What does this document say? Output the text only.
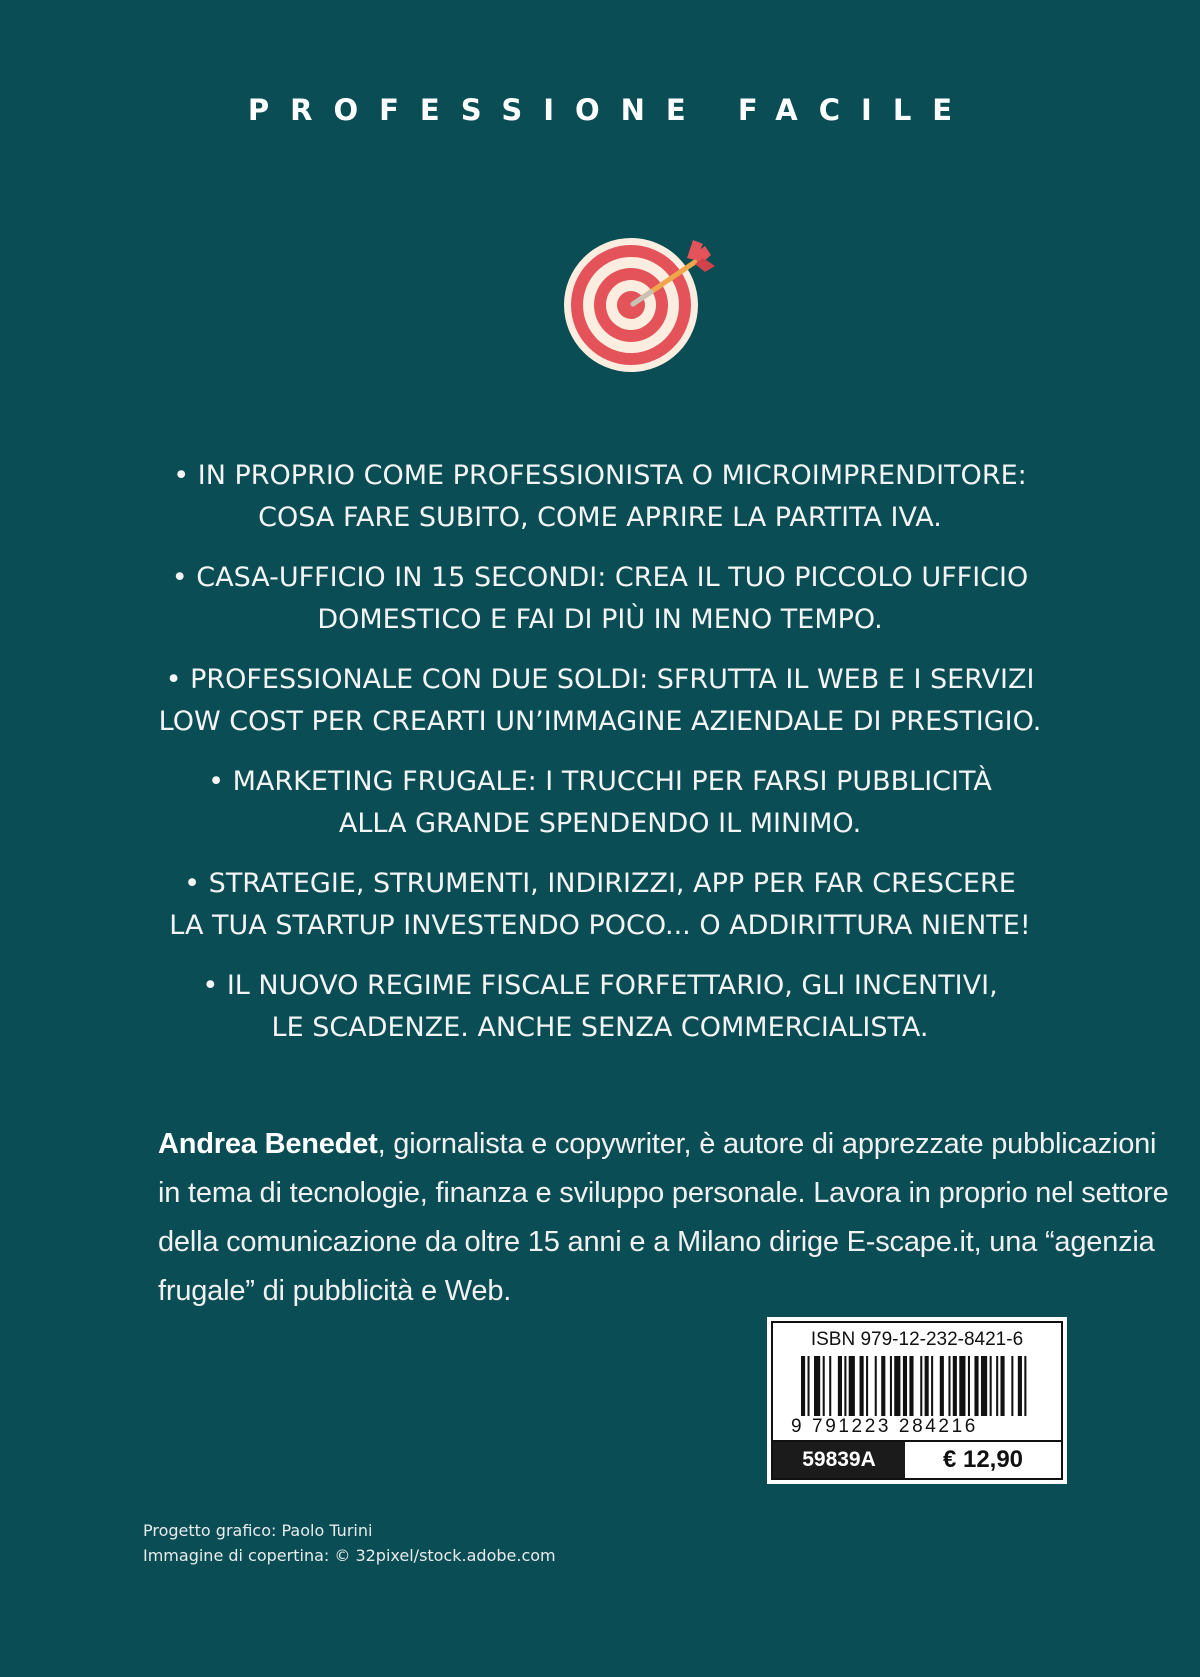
PROFESSIONE FACILE
• IN PROPRIO COME PROFESSIONISTA O MICROIMPRENDITORE:
COSA FARE SUBITO, COME APRIRE LA PARTITA IVA.
• CASA-UFFICIO IN 15 SECONDI: CREA IL TUO PICCOLO UFFICIO
DOMESTICO E FAI DI PIÙ IN MENO TEMPO.
• PROFESSIONALE CON DUE SOLDI: SFRUTTA IL WEB E I SERVIZI
LOW COST PER CREARTI UN’IMMAGINE AZIENDALE DI PRESTIGIO.
• MARKETING FRUGALE: I TRUCCHI PER FARSI PUBBLICITÀ
ALLA GRANDE SPENDENDO IL MINIMO.
• STRATEGIE, STRUMENTI, INDIRIZZI, APP PER FAR CRESCERE
LA TUA STARTUP INVESTENDO POCO... O ADDIRITTURA NIENTE!
• IL NUOVO REGIME FISCALE FORFETTARIO, GLI INCENTIVI,
LE SCADENZE. ANCHE SENZA COMMERCIALISTA.

Andrea Benedet, giornalista e copywriter, è autore di apprezzate pubblicazioni
in tema di tecnologie, finanza e sviluppo personale. Lavora in proprio nel settore
della comunicazione da oltre 15 anni e a Milano dirige E-scape.it, una “agenzia
frugale” di pubblicità e Web.

Progetto grafico: Paolo Turini
Immagine di copertina: © 32pixel/stock.adobe.com
ISBN 979-12-232-8421-6
9 791223 284216
59839A	€ 12,90
